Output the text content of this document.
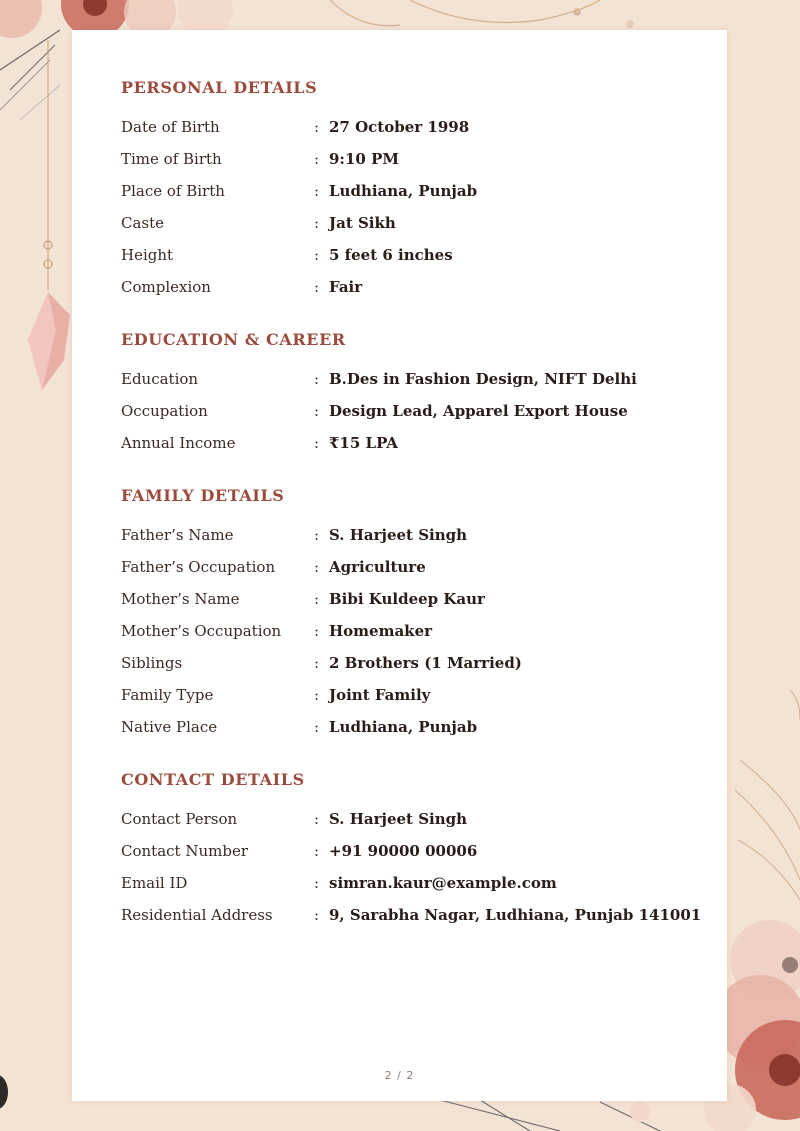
PERSONAL DETAILS
Date of Birth	: 27 October 1998
Time of Birth	: 9:10 PM
Place of Birth	: Ludhiana, Punjab
Caste	: Jat Sikh
Height	: 5 feet 6 inches
Complexion	: Fair
EDUCATION & CAREER
Education	: B.Des in Fashion Design, NIFT Delhi
Occupation	: Design Lead, Apparel Export House
Annual Income	: ₹15 LPA
FAMILY DETAILS
Father’s Name	: S. Harjeet Singh
Father’s Occupation	: Agriculture
Mother’s Name	: Bibi Kuldeep Kaur
Mother’s Occupation : Homemaker
Siblings	: 2 Brothers (1 Married)
Family Type	: Joint Family
Native Place	: Ludhiana, Punjab
CONTACT DETAILS
Contact Person	: S. Harjeet Singh
Contact Number	: +91 90000 00006
Email ID	: simran.kaur@example.com
Residential Address	: 9, Sarabha Nagar, Ludhiana, Punjab 141001
2 / 2
